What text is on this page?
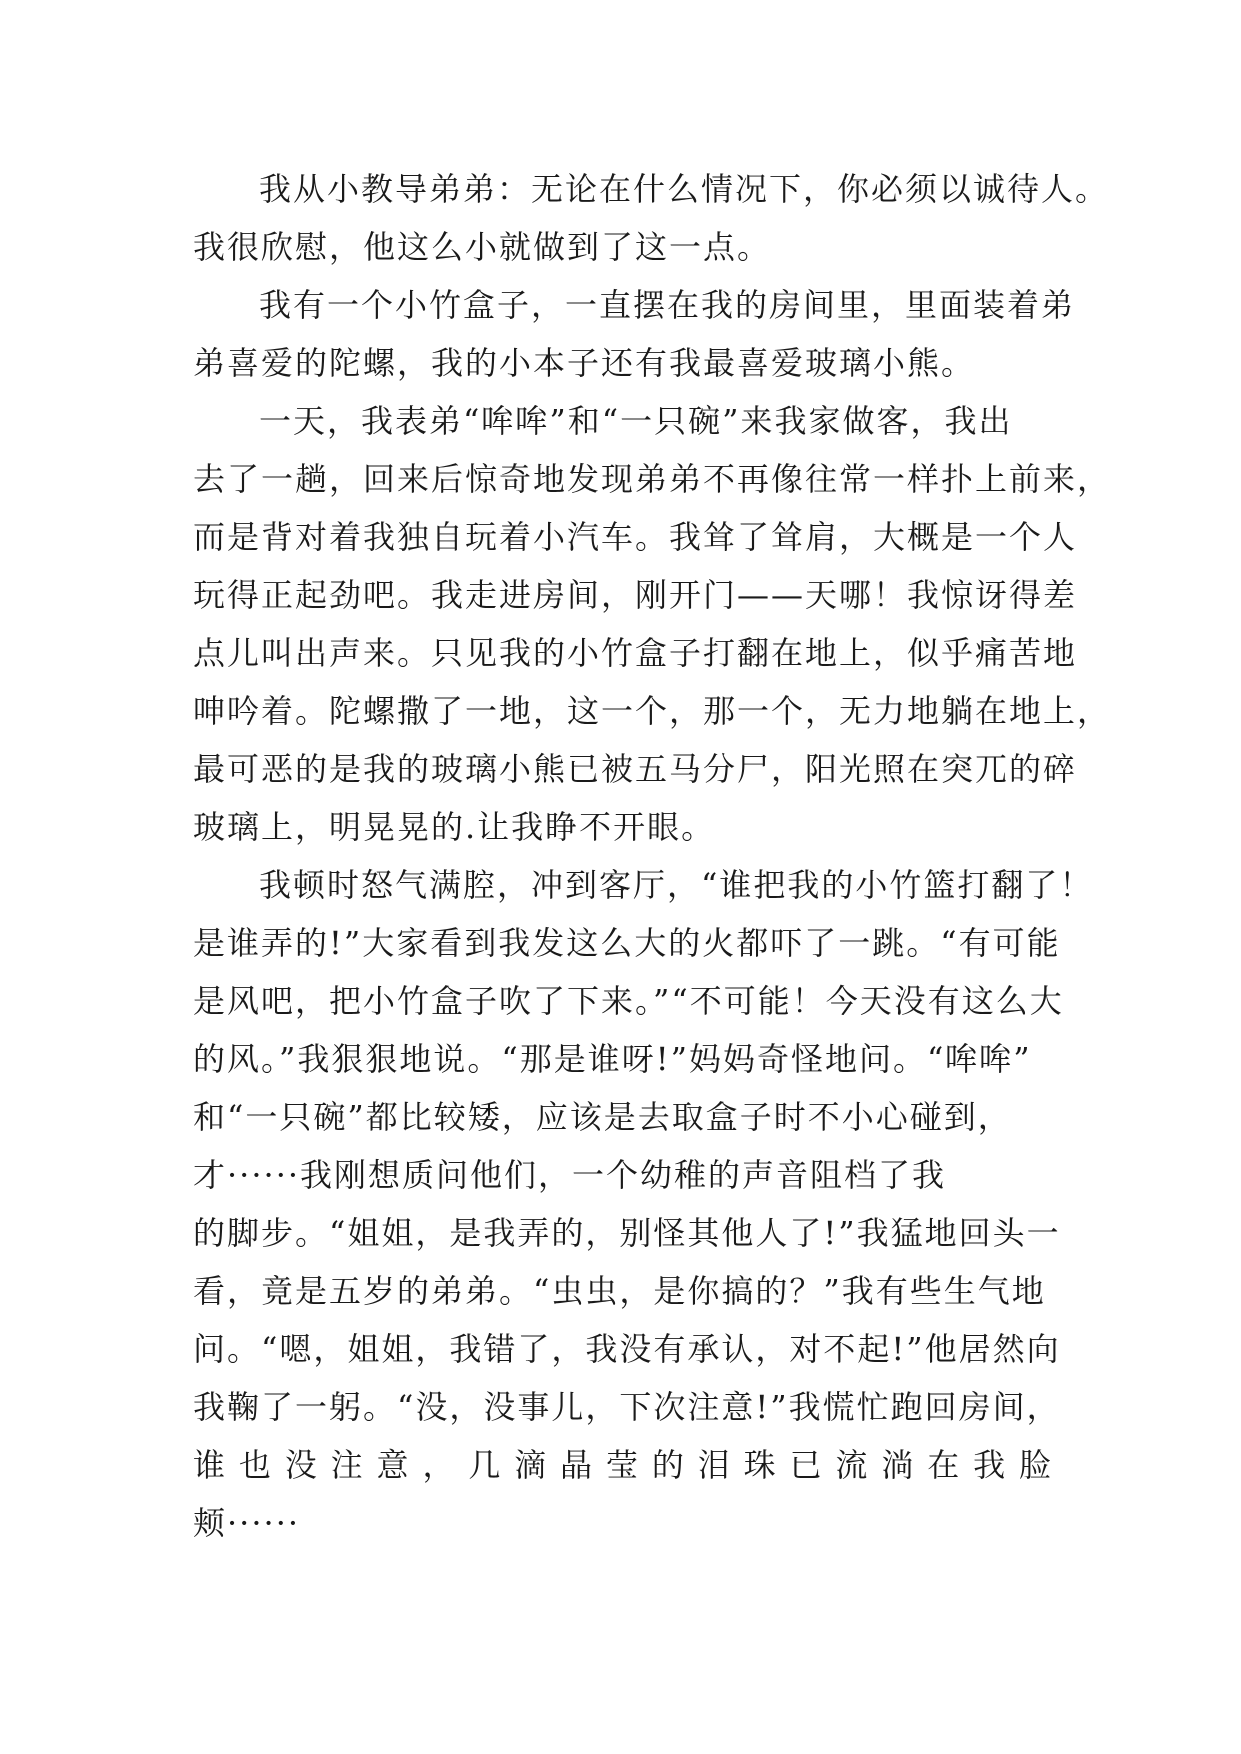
我从小教导弟弟：无论在什么情况下，你必须以诚待人。
我很欣慰，他这么小就做到了这一点。
我有一个小竹盒子，一直摆在我的房间里，里面装着弟
弟喜爱的陀螺，我的小本子还有我最喜爱玻璃小熊。
一天，我表弟“哞哞”和“一只碗”来我家做客，我出
去了一趟，回来后惊奇地发现弟弟不再像往常一样扑上前来，
而是背对着我独自玩着小汽车。我耸了耸肩，大概是一个人
玩得正起劲吧。我走进房间，刚开门——天哪！我惊讶得差
点儿叫出声来。只见我的小竹盒子打翻在地上，似乎痛苦地
呻吟着。陀螺撒了一地，这一个，那一个，无力地躺在地上，
最可恶的是我的玻璃小熊已被五马分尸，阳光照在突兀的碎
玻璃上，明晃晃的.让我睁不开眼。
我顿时怒气满腔，冲到客厅，“谁把我的小竹篮打翻了！
是谁弄的!”大家看到我发这么大的火都吓了一跳。“有可能
是风吧，把小竹盒子吹了下来。”“不可能！今天没有这么大
的风。”我狠狠地说。“那是谁呀!”妈妈奇怪地问。“哞哞”
和“一只碗”都比较矮，应该是去取盒子时不小心碰到，
才······我刚想质问他们，一个幼稚的声音阻档了我
的脚步。“姐姐，是我弄的，别怪其他人了!”我猛地回头一
看，竟是五岁的弟弟。“虫虫，是你搞的？”我有些生气地
问。“嗯，姐姐，我错了，我没有承认，对不起!”他居然向
我鞠了一躬。“没，没事儿，下次注意!”我慌忙跑回房间，
谁也没注意，几滴晶莹的泪珠已流淌在我脸
颊······
